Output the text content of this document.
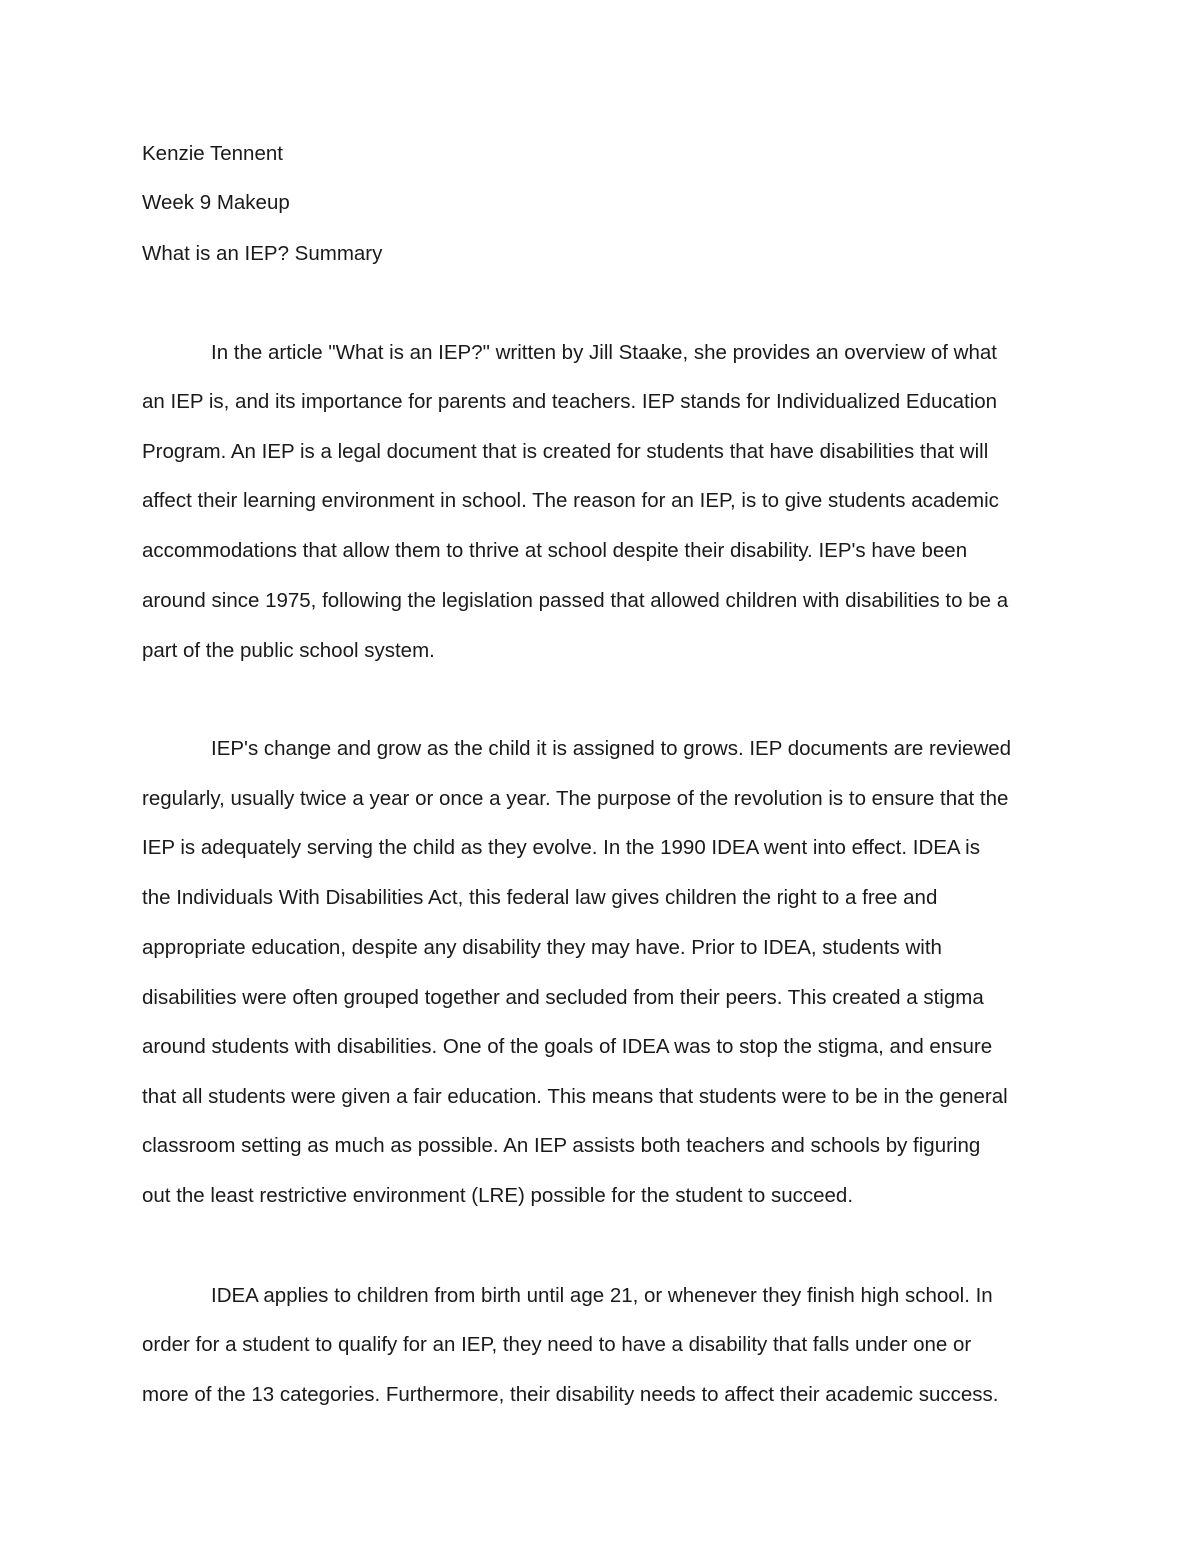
Kenzie Tennent
Week 9 Makeup
What is an IEP? Summary
In the article "What is an IEP?" written by Jill Staake, she provides an overview of what
an IEP is, and its importance for parents and teachers. IEP stands for Individualized Education
Program. An IEP is a legal document that is created for students that have disabilities that will
affect their learning environment in school. The reason for an IEP, is to give students academic
accommodations that allow them to thrive at school despite their disability. IEP's have been
around since 1975, following the legislation passed that allowed children with disabilities to be a
part of the public school system.
IEP's change and grow as the child it is assigned to grows. IEP documents are reviewed
regularly, usually twice a year or once a year. The purpose of the revolution is to ensure that the
IEP is adequately serving the child as they evolve. In the 1990 IDEA went into effect. IDEA is
the Individuals With Disabilities Act, this federal law gives children the right to a free and
appropriate education, despite any disability they may have. Prior to IDEA, students with
disabilities were often grouped together and secluded from their peers. This created a stigma
around students with disabilities. One of the goals of IDEA was to stop the stigma, and ensure
that all students were given a fair education. This means that students were to be in the general
classroom setting as much as possible. An IEP assists both teachers and schools by figuring
out the least restrictive environment (LRE) possible for the student to succeed.
IDEA applies to children from birth until age 21, or whenever they finish high school. In
order for a student to qualify for an IEP, they need to have a disability that falls under one or
more of the 13 categories. Furthermore, their disability needs to affect their academic success.
